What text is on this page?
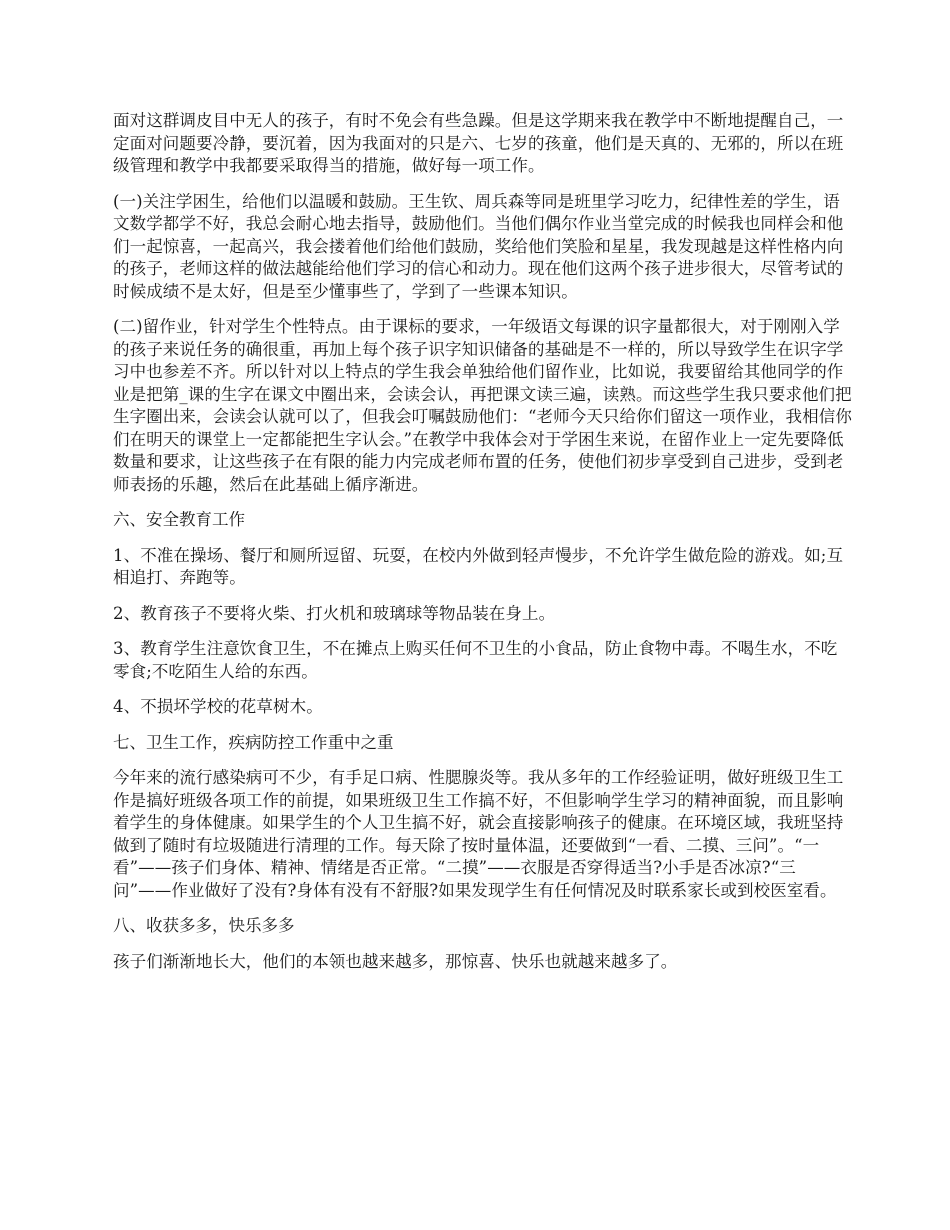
面对这群调皮目中无人的孩子，有时不免会有些急躁。但是这学期来我在教学中不断地提醒自己，一定面对问题要冷静，要沉着，因为我面对的只是六、七岁的孩童，他们是天真的、无邪的，所以在班级管理和教学中我都要采取得当的措施，做好每一项工作。

(一)关注学困生，给他们以温暖和鼓励。王生钦、周兵森等同是班里学习吃力，纪律性差的学生，语文数学都学不好，我总会耐心地去指导，鼓励他们。当他们偶尔作业当堂完成的时候我也同样会和他们一起惊喜，一起高兴，我会搂着他们给他们鼓励，奖给他们笑脸和星星，我发现越是这样性格内向的孩子，老师这样的做法越能给他们学习的信心和动力。现在他们这两个孩子进步很大，尽管考试的时候成绩不是太好，但是至少懂事些了，学到了一些课本知识。

(二)留作业，针对学生个性特点。由于课标的要求，一年级语文每课的识字量都很大，对于刚刚入学的孩子来说任务的确很重，再加上每个孩子识字知识储备的基础是不一样的，所以导致学生在识字学习中也参差不齐。所以针对以上特点的学生我会单独给他们留作业，比如说，我要留给其他同学的作业是把第_课的生字在课文中圈出来，会读会认，再把课文读三遍，读熟。而这些学生我只要求他们把生字圈出来，会读会认就可以了，但我会叮嘱鼓励他们：“老师今天只给你们留这一项作业，我相信你们在明天的课堂上一定都能把生字认会。”在教学中我体会对于学困生来说，在留作业上一定先要降低数量和要求，让这些孩子在有限的能力内完成老师布置的任务，使他们初步享受到自己进步，受到老师表扬的乐趣，然后在此基础上循序渐进。

六、安全教育工作

1、不准在操场、餐厅和厕所逗留、玩耍，在校内外做到轻声慢步，不允许学生做危险的游戏。如;互相追打、奔跑等。

2、教育孩子不要将火柴、打火机和玻璃球等物品装在身上。

3、教育学生注意饮食卫生，不在摊点上购买任何不卫生的小食品，防止食物中毒。不喝生水，不吃零食;不吃陌生人给的东西。

4、不损坏学校的花草树木。

七、卫生工作，疾病防控工作重中之重

今年来的流行感染病可不少，有手足口病、性腮腺炎等。我从多年的工作经验证明，做好班级卫生工作是搞好班级各项工作的前提，如果班级卫生工作搞不好，不但影响学生学习的精神面貌，而且影响着学生的身体健康。如果学生的个人卫生搞不好，就会直接影响孩子的健康。在环境区域，我班坚持做到了随时有垃圾随进行清理的工作。每天除了按时量体温，还要做到“一看、二摸、三问”。“一看”——孩子们身体、精神、情绪是否正常。“二摸”——衣服是否穿得适当?小手是否冰凉?“三问”——作业做好了没有?身体有没有不舒服?如果发现学生有任何情况及时联系家长或到校医室看。

八、收获多多，快乐多多

孩子们渐渐地长大，他们的本领也越来越多，那惊喜、快乐也就越来越多了。
